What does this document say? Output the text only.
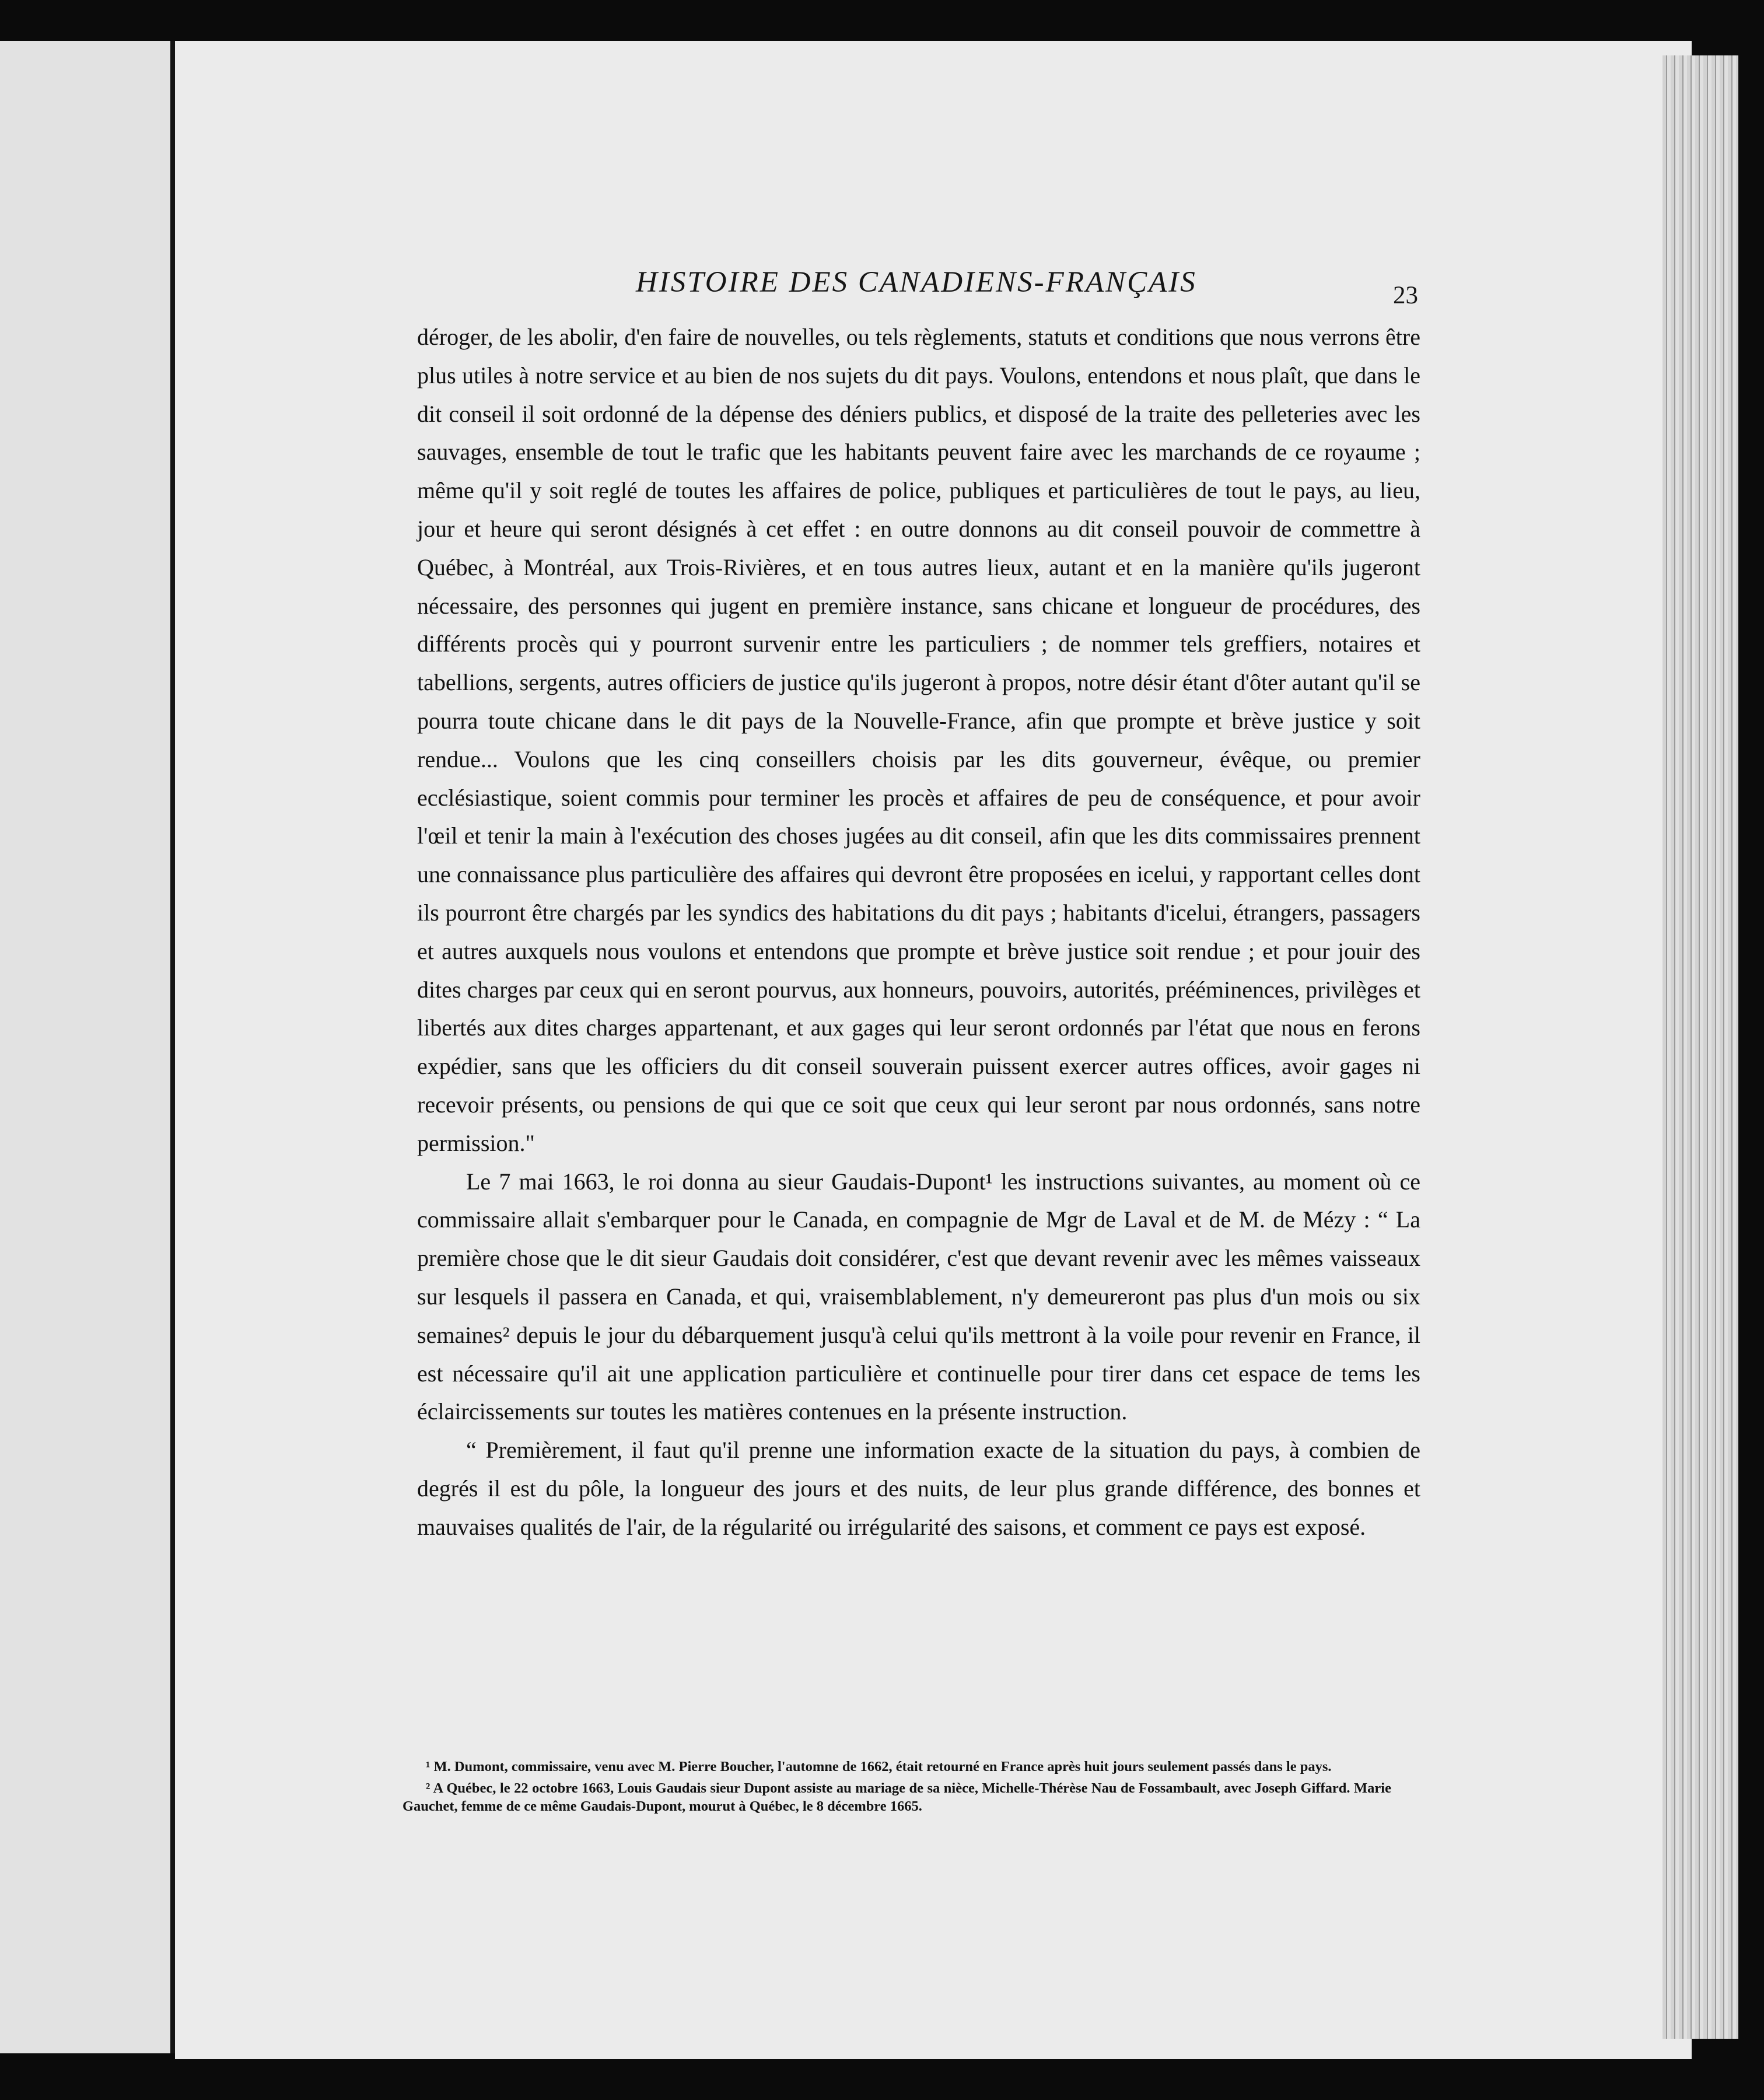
HISTOIRE DES CANADIENS-FRANÇAIS	23

déroger, de les abolir, d'en faire de nouvelles, ou tels règlements, statuts et conditions que nous verrons être plus utiles à notre service et au bien de nos sujets du dit pays. Voulons, entendons et nous plaît, que dans le dit conseil il soit ordonné de la dépense des déniers publics, et disposé de la traite des pelleteries avec les sauvages, ensemble de tout le trafic que les habitants peuvent faire avec les marchands de ce royaume ; même qu'il y soit reglé de toutes les affaires de police, publiques et particulières de tout le pays, au lieu, jour et heure qui seront désignés à cet effet : en outre donnons au dit conseil pouvoir de commettre à Québec, à Montréal, aux Trois-Rivières, et en tous autres lieux, autant et en la manière qu'ils jugeront nécessaire, des personnes qui jugent en première instance, sans chicane et longueur de procédures, des différents procès qui y pourront survenir entre les particuliers ; de nommer tels greffiers, notaires et tabellions, sergents, autres officiers de justice qu'ils jugeront à propos, notre désir étant d'ôter autant qu'il se pourra toute chicane dans le dit pays de la Nouvelle-France, afin que prompte et brève justice y soit rendue... Voulons que les cinq conseillers choisis par les dits gouverneur, évêque, ou premier ecclésiastique, soient commis pour terminer les procès et affaires de peu de conséquence, et pour avoir l'œil et tenir la main à l'exécution des choses jugées au dit conseil, afin que les dits commissaires prennent une connaissance plus particulière des affaires qui devront être proposées en icelui, y rapportant celles dont ils pourront être chargés par les syndics des habitations du dit pays ; habitants d'icelui, étrangers, passagers et autres auxquels nous voulons et entendons que prompte et brève justice soit rendue ; et pour jouir des dites charges par ceux qui en seront pourvus, aux honneurs, pouvoirs, autorités, prééminences, privilèges et libertés aux dites charges appartenant, et aux gages qui leur seront ordonnés par l'état que nous en ferons expédier, sans que les officiers du dit conseil souverain puissent exercer autres offices, avoir gages ni recevoir présents, ou pensions de qui que ce soit que ceux qui leur seront par nous ordonnés, sans notre permission."

Le 7 mai 1663, le roi donna au sieur Gaudais-Dupont¹ les instructions suivantes, au moment où ce commissaire allait s'embarquer pour le Canada, en compagnie de Mgr de Laval et de M. de Mézy : “ La première chose que le dit sieur Gaudais doit considérer, c'est que devant revenir avec les mêmes vaisseaux sur lesquels il passera en Canada, et qui, vraisemblablement, n'y demeureront pas plus d'un mois ou six semaines² depuis le jour du débarquement jusqu'à celui qu'ils mettront à la voile pour revenir en France, il est nécessaire qu'il ait une application particulière et continuelle pour tirer dans cet espace de tems les éclaircissements sur toutes les matières contenues en la présente instruction.

“ Premièrement, il faut qu'il prenne une information exacte de la situation du pays, à combien de degrés il est du pôle, la longueur des jours et des nuits, de leur plus grande différence, des bonnes et mauvaises qualités de l'air, de la régularité ou irrégularité des saisons, et comment ce pays est exposé.

¹ M. Dumont, commissaire, venu avec M. Pierre Boucher, l'automne de 1662, était retourné en France après huit jours seulement passés dans le pays.

² A Québec, le 22 octobre 1663, Louis Gaudais sieur Dupont assiste au mariage de sa nièce, Michelle-Thérèse Nau de Fossambault, avec Joseph Giffard. Marie Gauchet, femme de ce même Gaudais-Dupont, mourut à Québec, le 8 décembre 1665.
